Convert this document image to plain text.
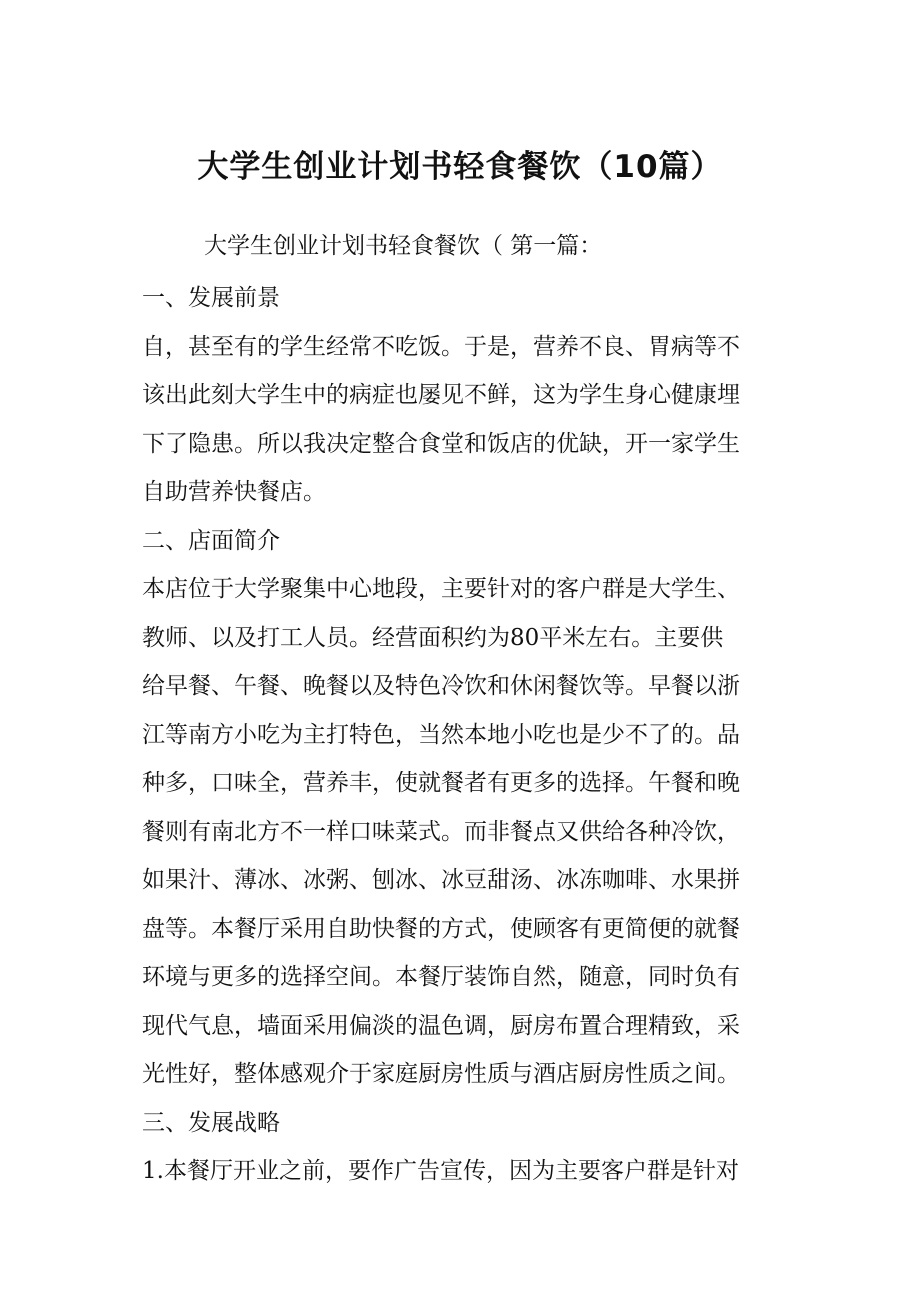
大学生创业计划书轻食餐饮（10篇）

大学生创业计划书轻食餐饮（ 第一篇：

一、发展前景
自，甚至有的学生经常不吃饭。于是，营养不良、胃病等不
该出此刻大学生中的病症也屡见不鲜，这为学生身心健康埋
下了隐患。所以我决定整合食堂和饭店的优缺，开一家学生
自助营养快餐店。
二、店面简介
本店位于大学聚集中心地段，主要针对的客户群是大学生、
教师、以及打工人员。经营面积约为80平米左右。主要供
给早餐、午餐、晚餐以及特色冷饮和休闲餐饮等。早餐以浙
江等南方小吃为主打特色，当然本地小吃也是少不了的。品
种多，口味全，营养丰，使就餐者有更多的选择。午餐和晚
餐则有南北方不一样口味菜式。而非餐点又供给各种冷饮，
如果汁、薄冰、冰粥、刨冰、冰豆甜汤、冰冻咖啡、水果拼
盘等。本餐厅采用自助快餐的方式，使顾客有更简便的就餐
环境与更多的选择空间。本餐厅装饰自然，随意，同时负有
现代气息，墙面采用偏淡的温色调，厨房布置合理精致，采
光性好，整体感观介于家庭厨房性质与酒店厨房性质之间。
三、发展战略
1.本餐厅开业之前，要作广告宣传，因为主要客户群是针对
